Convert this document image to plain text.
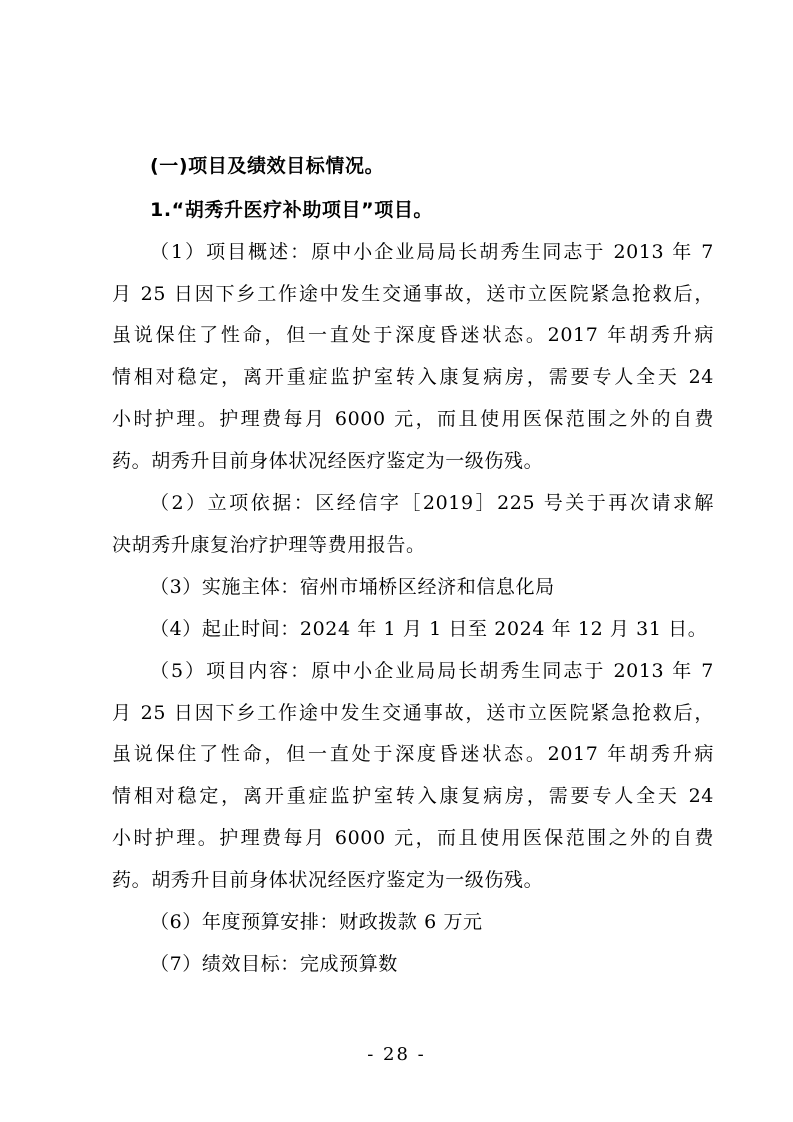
(一)项目及绩效目标情况。
1.“胡秀升医疗补助项目”项目。
（1）项目概述：原中小企业局局长胡秀生同志于 2013 年 7
月 25 日因下乡工作途中发生交通事故，送市立医院紧急抢救后，
虽说保住了性命，但一直处于深度昏迷状态。2017 年胡秀升病
情相对稳定，离开重症监护室转入康复病房，需要专人全天 24
小时护理。护理费每月 6000 元，而且使用医保范围之外的自费
药。胡秀升目前身体状况经医疗鉴定为一级伤残。
（2）立项依据：区经信字［2019］225 号关于再次请求解
决胡秀升康复治疗护理等费用报告。
（3）实施主体：宿州市埇桥区经济和信息化局
（4）起止时间：2024 年 1 月 1 日至 2024 年 12 月 31 日。
（5）项目内容：原中小企业局局长胡秀生同志于 2013 年 7
月 25 日因下乡工作途中发生交通事故，送市立医院紧急抢救后，
虽说保住了性命，但一直处于深度昏迷状态。2017 年胡秀升病
情相对稳定，离开重症监护室转入康复病房，需要专人全天 24
小时护理。护理费每月 6000 元，而且使用医保范围之外的自费
药。胡秀升目前身体状况经医疗鉴定为一级伤残。
（6）年度预算安排：财政拨款 6 万元
（7）绩效目标：完成预算数
- 28 -
